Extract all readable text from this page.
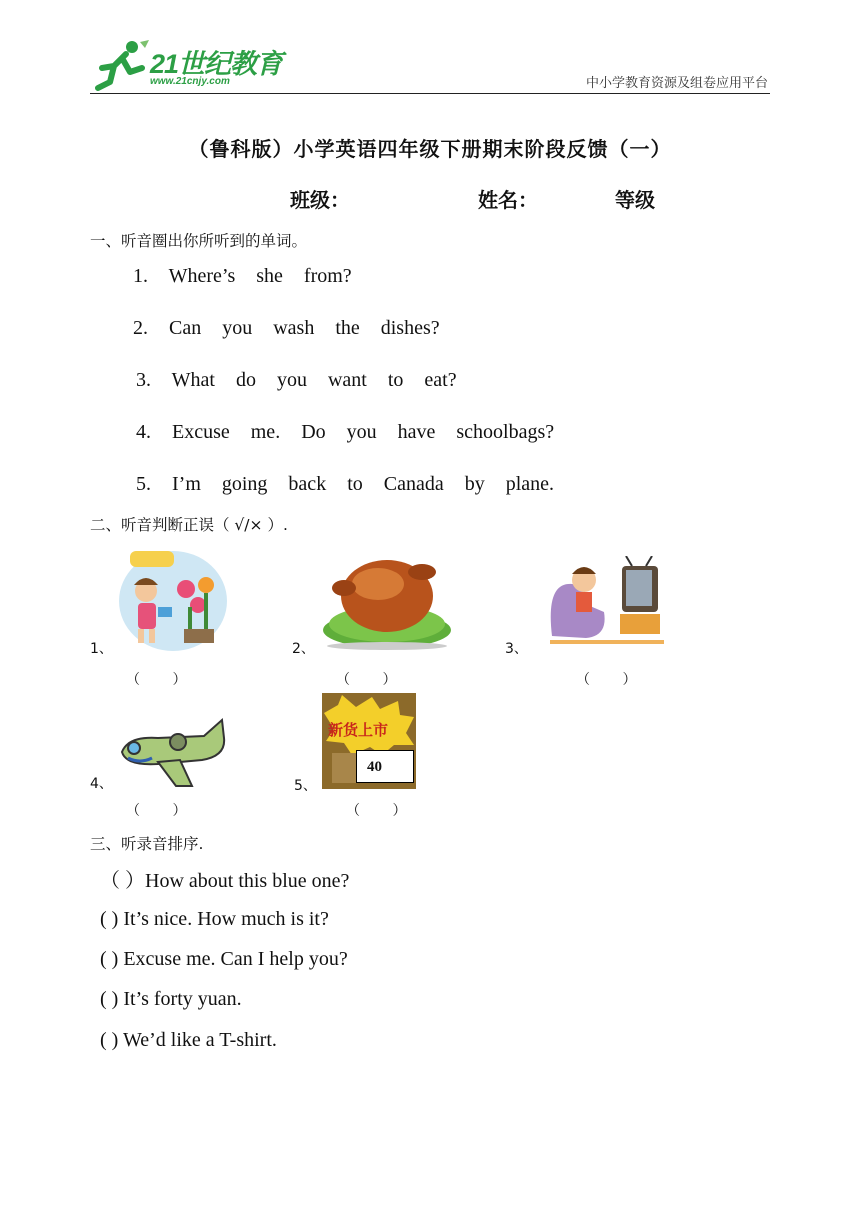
21世纪教育
www.21cnjy.com	中小学教育资源及组卷应用平台
（鲁科版）小学英语四年级下册期末阶段反馈（一）
班级：	姓名：	等级
一、听音圈出你所听到的单词。
1. Where’s she from?
2. Can you wash the dishes?
3. What do you want to eat?
4. Excuse me. Do you have schoolbags?
5. I’m going back to Canada by plane.
二、听音判断正误（ √/× ）.
1、
（ ）
2、
（ ）
3、
（ ）
4、
（ ）
5、
新货上市
40
（ ）
三、听录音排序.
（ ）How about this blue one?
( ) It’s nice. How much is it?
( ) Excuse me. Can I help you?
( ) It’s forty yuan.
( ) We’d like a T-shirt.
